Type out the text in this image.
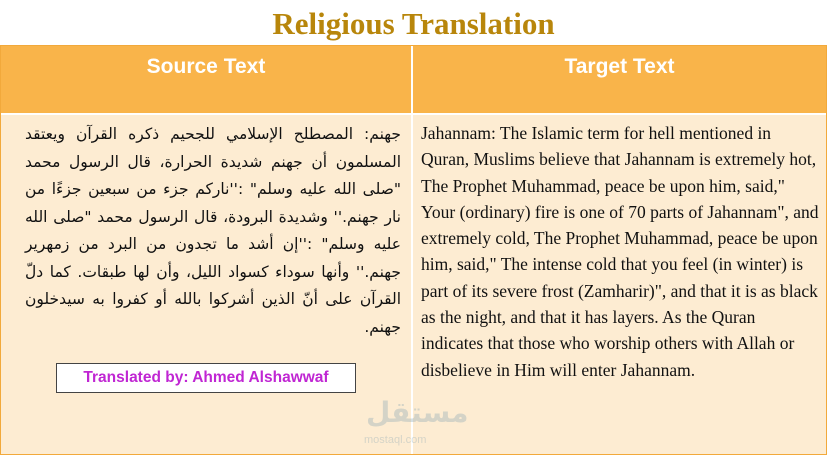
Religious Translation
Source Text	Target Text
جهنم: المصطلح الإسلامي للجحيم ذكره القرآن ويعتقد المسلمون أن جهنم شديدة الحرارة، قال الرسول محمد "صلى الله عليه وسلم" :''ناركم جزء من سبعين جزءًا من نار جهنم.'' وشديدة البرودة، قال الرسول محمد "صلى الله عليه وسلم" :''إن أشد ما تجدون من البرد من زمهرير جهنم.'' وأنها سوداء كسواد الليل، وأن لها طبقات. كما دلّ القرآن على أنّ الذين أشركوا بالله أو كفروا به سيدخلون جهنم.
Jahannam: The Islamic term for hell mentioned in Quran, Muslims believe that Jahannam is extremely hot, The Prophet Muhammad, peace be upon him, said," Your (ordinary) fire is one of 70 parts of Jahannam", and extremely cold, The Prophet Muhammad, peace be upon him, said," The intense cold that you feel (in winter) is part of its severe frost (Zamharir)", and that it is as black as the night, and that it has layers. As the Quran indicates that those who worship others with Allah or disbelieve in Him will enter Jahannam.
Translated by: Ahmed Alshawwaf
مستقل
mostaql.com
